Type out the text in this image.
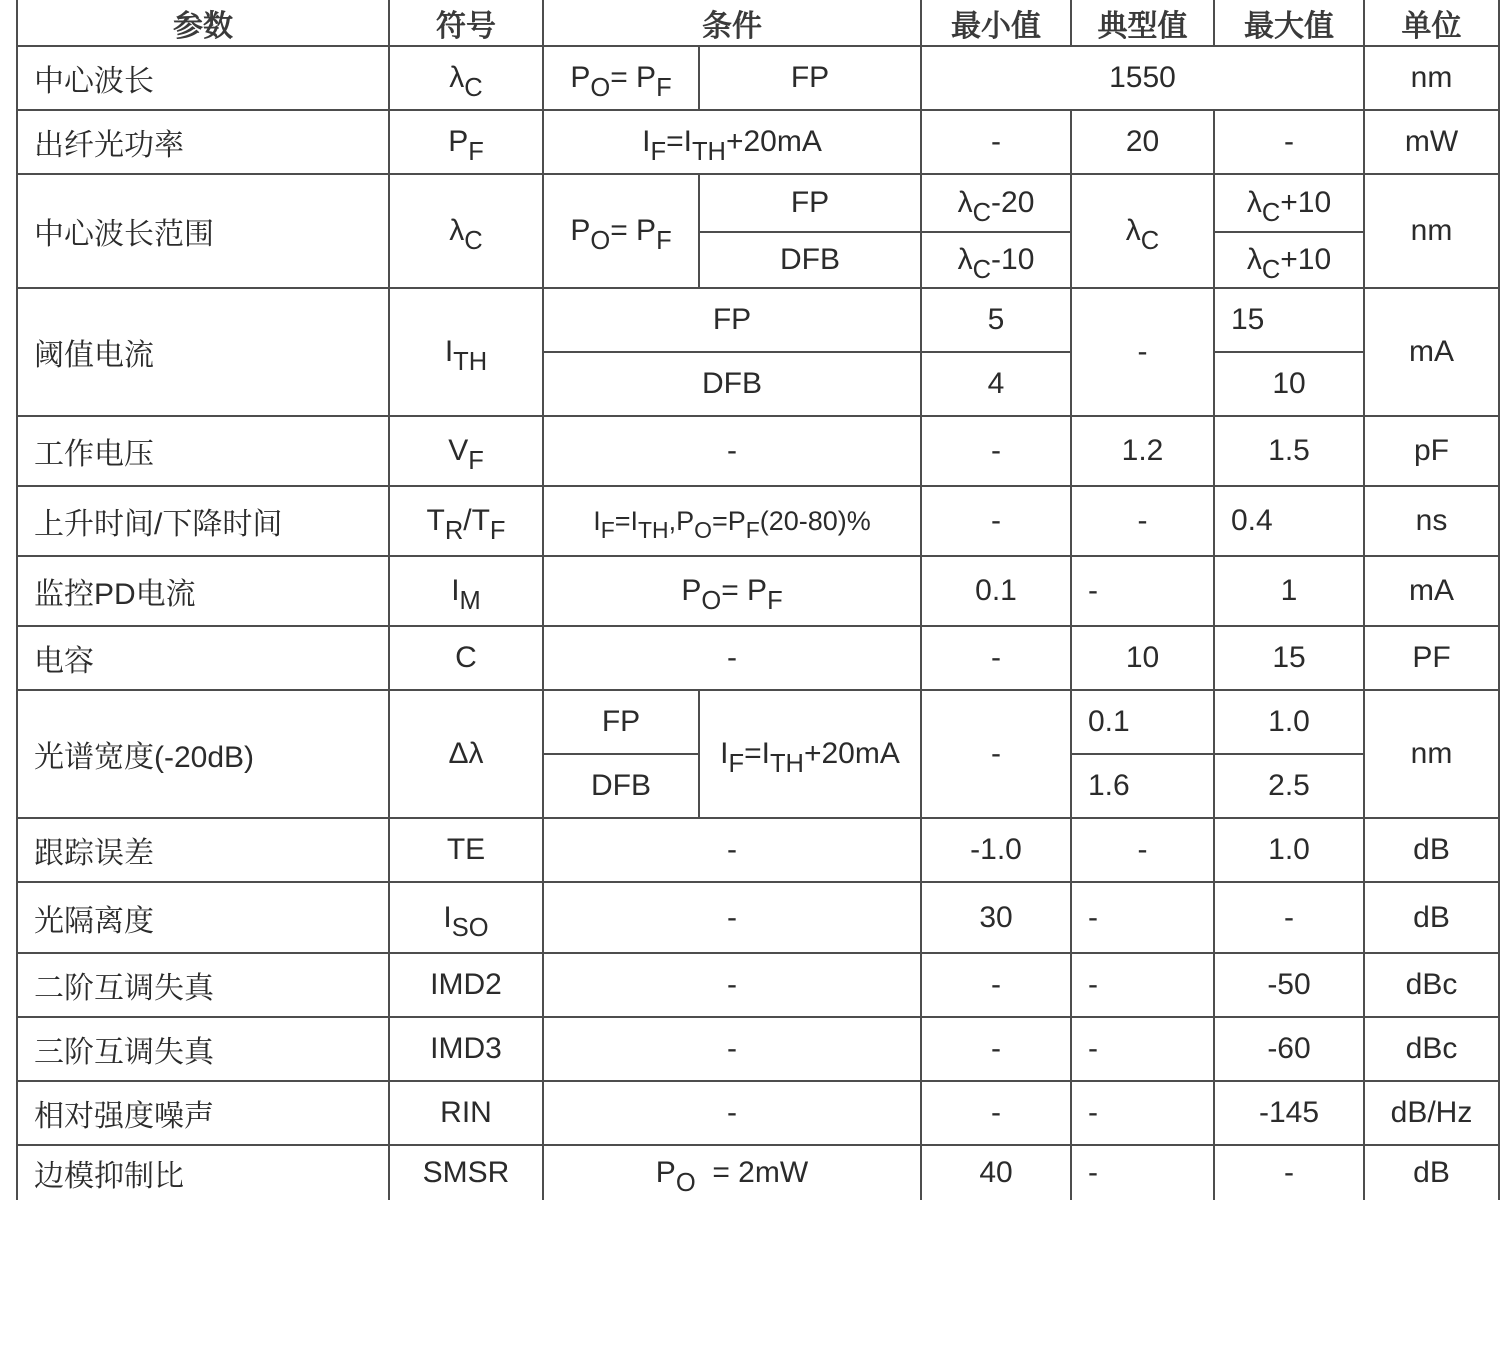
参数	符号	条件		最小值	典型值	最大值	单位
中心波长	$\lambda_C$	$P_O= P_F$	FP	1550			nm
出纤光功率	$P_F$	$I_F=I_{TH}+20mA$		-	20	-	mW
中心波长范围	$\lambda_C$	$P_O= P_F$	FP	$\lambda_C-20$	$\lambda_C$	$\lambda_C+10$	nm
			DFB	$\lambda_C-10$		$\lambda_C+10$	
阈值电流	$I_{TH}$	FP		5	-	15	mA
		DFB		4		10	
工作电压	$V_F$	-		-	1.2	1.5	pF
上升时间/下降时间	$T_R/T_F$	$I_F=I_{TH},P_O=P_F(20-80)\%$		-	-	0.4	ns
监控PD电流	$I_M$	$P_O= P_F$		0.1	-	1	mA
电容	C	-		-	10	15	PF
光谱宽度(-20dB)	Δλ	FP	$I_F=I_{TH}+20mA$	-	0.1	1.0	nm
		DFB			1.6	2.5	
跟踪误差	TE	-		-1.0	-	1.0	dB
光隔离度	$I_{SO}$	-		30	-	-	dB
二阶互调失真	IMD2	-		-	-	-50	dBc
三阶互调失真	IMD3	-		-	-	-60	dBc
相对强度噪声	RIN	-		-	-	-145	dB/Hz
边模抑制比	SMSR	$P_O = 2mW$		40	-	-	dB
